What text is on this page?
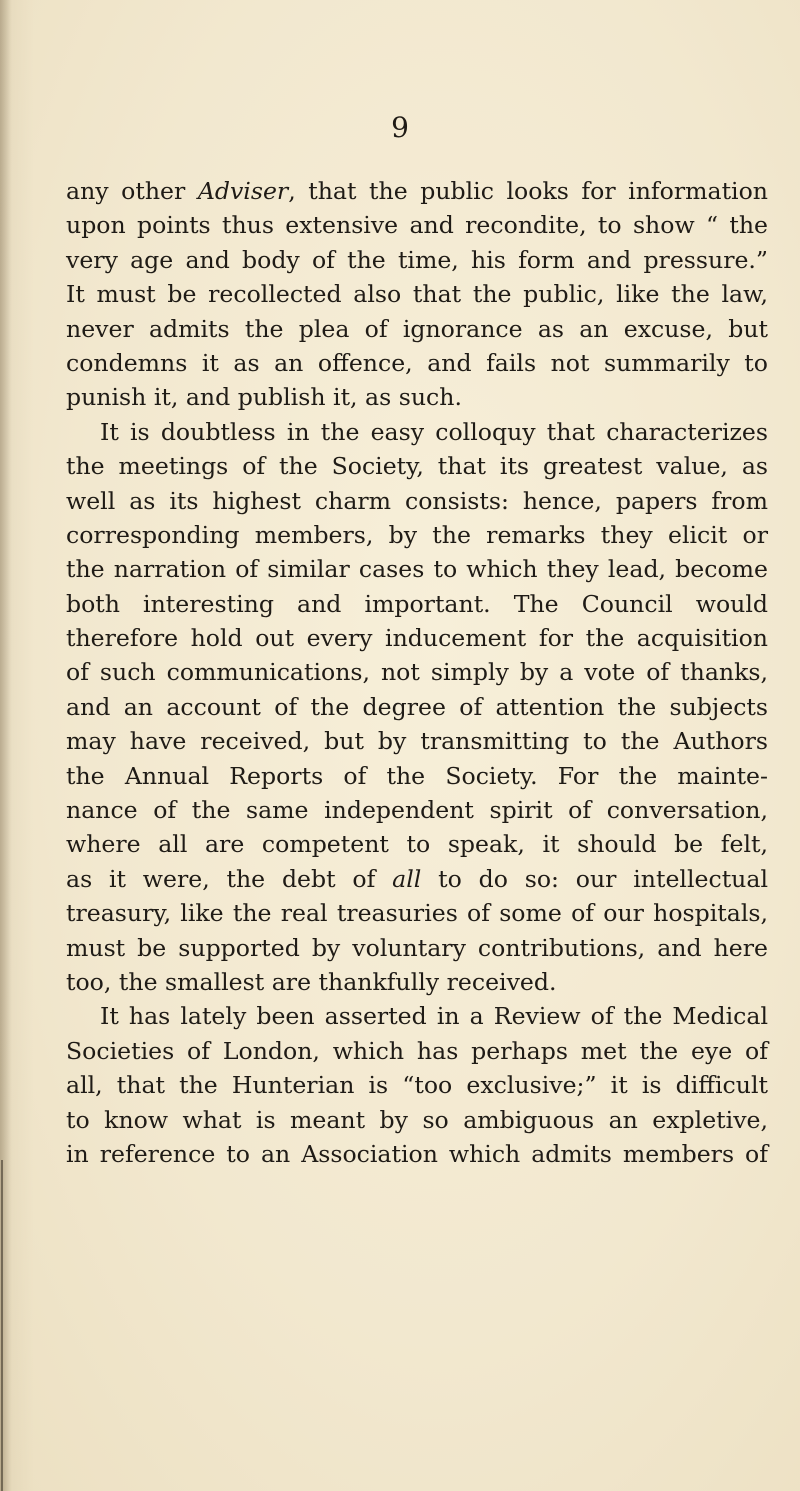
9
any other Adviser, that the public looks for information
upon points thus extensive and recondite, to show “ the
very age and body of the time, his form and pressure.”
It must be recollected also that the public, like the law,
never admits the plea of ignorance as an excuse, but
condemns it as an offence, and fails not summarily to
punish it, and publish it, as such.
It is doubtless in the easy colloquy that characterizes
the meetings of the Society, that its greatest value, as
well as its highest charm consists: hence, papers from
corresponding members, by the remarks they elicit or
the narration of similar cases to which they lead, become
both interesting and important. The Council would
therefore hold out every inducement for the acquisition
of such communications, not simply by a vote of thanks,
and an account of the degree of attention the subjects
may have received, but by transmitting to the Authors
the Annual Reports of the Society. For the mainte-
nance of the same independent spirit of conversation,
where all are competent to speak, it should be felt,
as it were, the debt of all to do so: our intellectual
treasury, like the real treasuries of some of our hospitals,
must be supported by voluntary contributions, and here
too, the smallest are thankfully received.
It has lately been asserted in a Review of the Medical
Societies of London, which has perhaps met the eye of
all, that the Hunterian is “too exclusive;” it is difficult
to know what is meant by so ambiguous an expletive,
in reference to an Association which admits members of
